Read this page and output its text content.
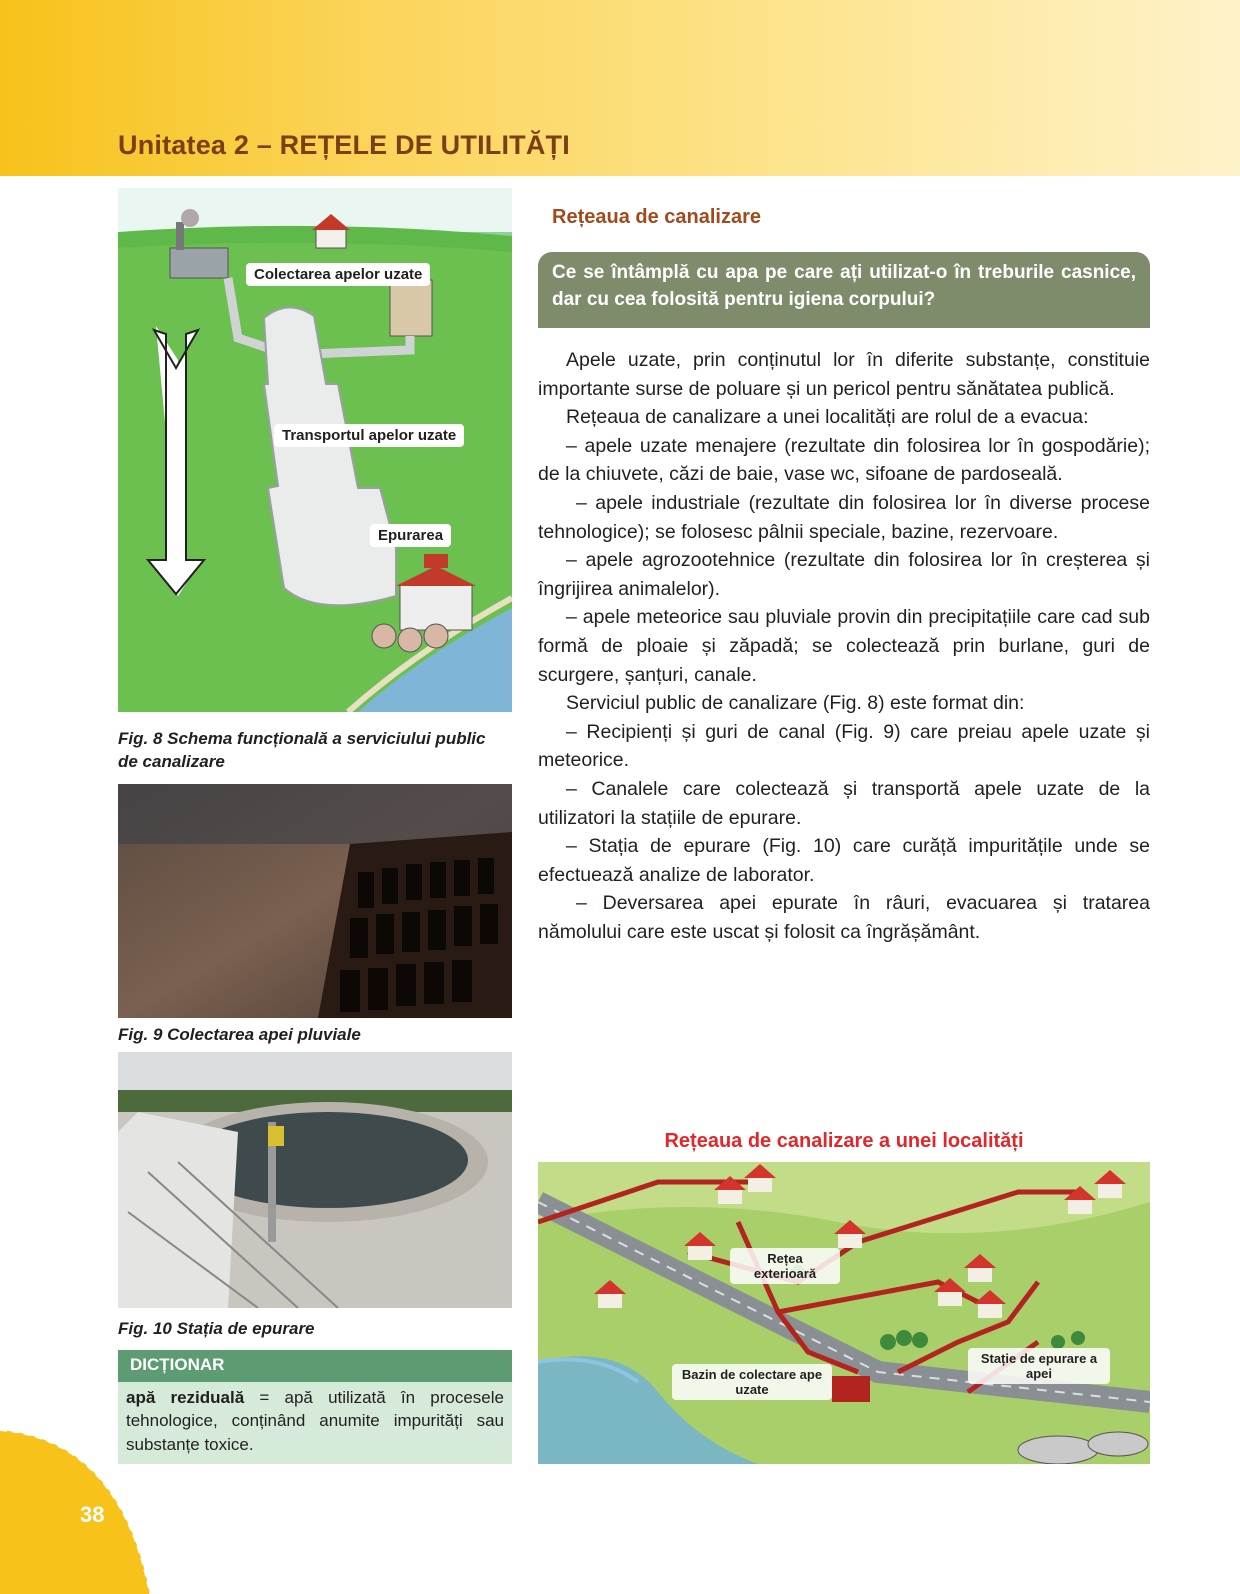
Unitatea 2 – REȚELE DE UTILITĂȚI
Colectarea apelor uzate
Transportul apelor uzate
Epurarea
Fig. 8 Schema funcțională a serviciului public de canalizare
Fig. 9 Colectarea apei pluviale
Fig. 10 Stația de epurare
DICȚIONAR
apă reziduală = apă utilizată în procesele tehnologice, conținând anumite impurități sau substanțe toxice.
Rețeaua de canalizare
Ce se întâmplă cu apa pe care ați utilizat-o în treburile casnice, dar cu cea folosită pentru igiena corpului?

Apele uzate, prin conținutul lor în diferite substanțe, constituie importante surse de poluare și un pericol pentru sănătatea publică.

Rețeaua de canalizare a unei localități are rolul de a evacua:

– apele uzate menajere (rezultate din folosirea lor în gospodărie); de la chiuvete, căzi de baie, vase wc, sifoane de pardoseală.

– apele industriale (rezultate din folosirea lor în diverse procese tehnologice); se folosesc pâlnii speciale, bazine, rezervoare.

– apele agrozootehnice (rezultate din folosirea lor în creșterea și îngrijirea animalelor).

– apele meteorice sau pluviale provin din precipitațiile care cad sub formă de ploaie și zăpadă; se colectează prin burlane, guri de scurgere, șanțuri, canale.

Serviciul public de canalizare (Fig. 8) este format din:

– Recipienți și guri de canal (Fig. 9) care preiau apele uzate și meteorice.

– Canalele care colectează și transportă apele uzate de la utilizatori la stațiile de epurare.

– Stația de epurare (Fig. 10) care curăță impuritățile unde se efectuează analize de laborator.

– Deversarea apei epurate în râuri, evacuarea și tratarea nămolului care este uscat și folosit ca îngrășământ.

Rețeaua de canalizare a unei localități
Rețea exterioară
Bazin de colectare ape uzate
Stație de epurare a apei
38
